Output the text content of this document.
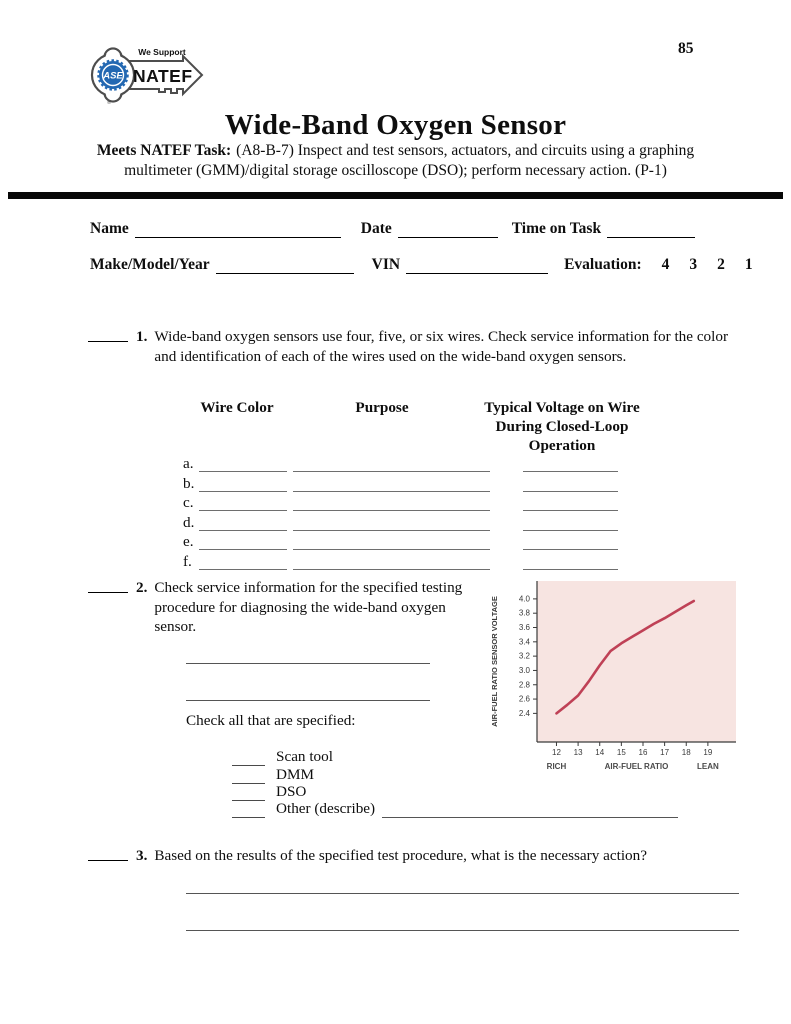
ASE
We Support
NATEF
®
85
Wide-Band Oxygen Sensor
Meets NATEF Task: (A8-B-7) Inspect and test sensors, actuators, and circuits using a graphing
multimeter (GMM)/digital storage oscilloscope (DSO); perform necessary action. (P-1)
Name	Date	Time on Task
Make/Model/Year	VIN	Evaluation: 4 3 2 1
1. Wide-band oxygen sensors use four, five, or six wires. Check service information for the color and identification of each of the wires used on the wide-band oxygen sensors.
Wire Color	Purpose	Typical Voltage on Wire During Closed-Loop Operation
a.
b.
c.
d.
e.
f.
2. Check service information for the specified testing procedure for diagnosing the wide-band oxygen sensor.
Check all that are specified:
Scan tool
DMM
DSO
Other (describe)
2.4
2.6
2.8
3.0
3.2
3.4
3.6
3.8
4.0
12 13 14 15 16 17 18 19
RICH	AIR-FUEL RATIO	LEAN
AIR-FUEL RATIO SENSOR VOLTAGE
3. Based on the results of the specified test procedure, what is the necessary action?
